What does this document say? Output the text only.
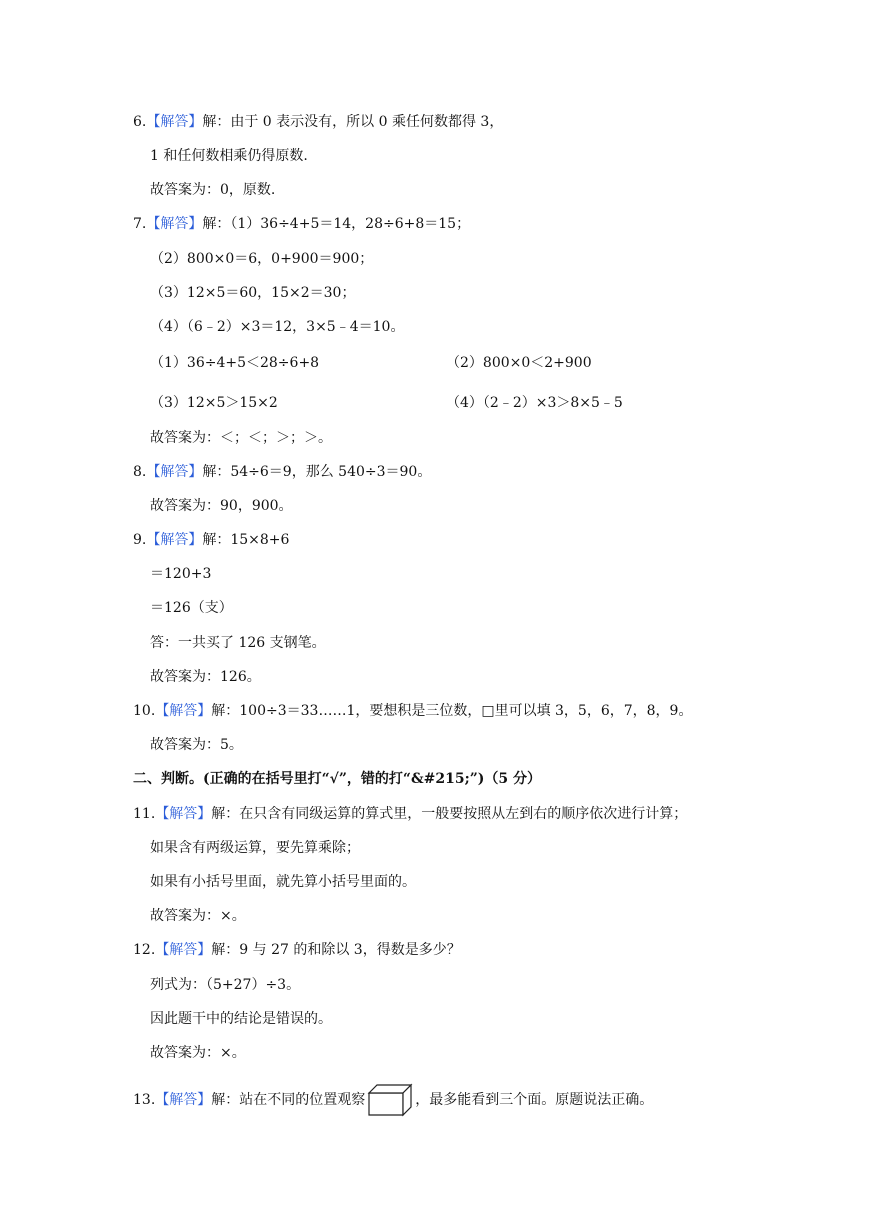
6.【解答】解：由于 0 表示没有，所以 0 乘任何数都得 3，
1 和任何数相乘仍得原数.
故答案为：0，原数.
7.【解答】解：（1）36÷4+5＝14，28÷6+8＝15；
（2）800×0＝6，0+900＝900；
（3）12×5＝60，15×2＝30；
（4）（6﹣2）×3＝12，3×5﹣4＝10。
（1）36÷4+5＜28÷6+8	（2）800×0＜2+900
（3）12×5＞15×2	（4）（2﹣2）×3＞8×5﹣5
故答案为：＜；＜；＞；＞。
8.【解答】解：54÷6＝9，那么 540÷3＝90。
故答案为：90，900。
9.【解答】解：15×8+6
＝120+3
＝126（支）
答：一共买了 126 支钢笔。
故答案为：126。
10.【解答】解：100÷3＝33……1，要想积是三位数，□里可以填 3，5，6，7，8，9。
故答案为：5。
二、判断。(正确的在括号里打“√”，错的打“&#215;”)（5 分）
11.【解答】解：在只含有同级运算的算式里，一般要按照从左到右的顺序依次进行计算；
如果含有两级运算，要先算乘除；
如果有小括号里面，就先算小括号里面的。
故答案为：×。
12.【解答】解：9 与 27 的和除以 3，得数是多少？
列式为：（5+27）÷3。
因此题干中的结论是错误的。
故答案为：×。
13.【解答】解：站在不同的位置观察	，最多能看到三个面。原题说法正确。
